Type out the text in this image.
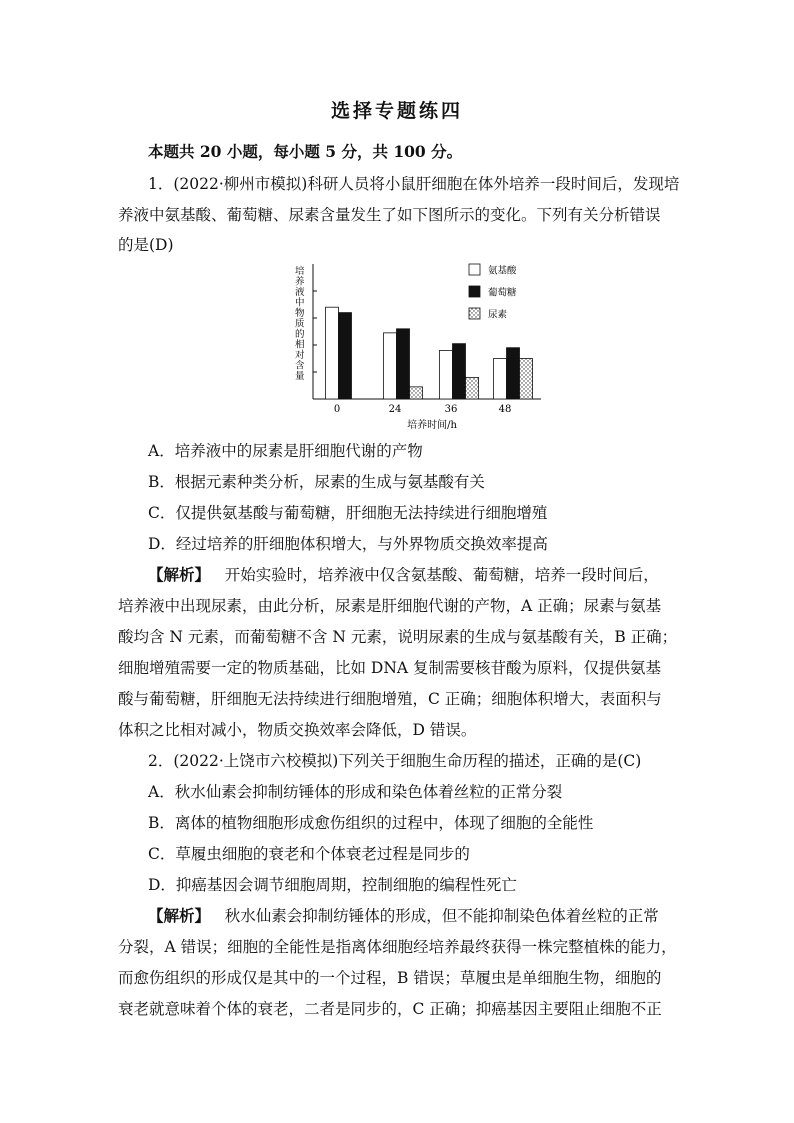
选择专题练四
本题共 20 小题，每小题 5 分，共 100 分。
1．(2022·柳州市模拟)科研人员将小鼠肝细胞在体外培养一段时间后，发现培
养液中氨基酸、葡萄糖、尿素含量发生了如下图所示的变化。下列有关分析错误
的是(D)
培养液中物质的相对含量
0	24	36	48
氨基酸
葡萄糖
尿素
培养时间/h
A．培养液中的尿素是肝细胞代谢的产物
B．根据元素种类分析，尿素的生成与氨基酸有关
C．仅提供氨基酸与葡萄糖，肝细胞无法持续进行细胞增殖
D．经过培养的肝细胞体积增大，与外界物质交换效率提高
【解析】 开始实验时，培养液中仅含氨基酸、葡萄糖，培养一段时间后，
培养液中出现尿素，由此分析，尿素是肝细胞代谢的产物，A 正确；尿素与氨基
酸均含 N 元素，而葡萄糖不含 N 元素，说明尿素的生成与氨基酸有关，B 正确；
细胞增殖需要一定的物质基础，比如 DNA 复制需要核苷酸为原料，仅提供氨基
酸与葡萄糖，肝细胞无法持续进行细胞增殖，C 正确；细胞体积增大，表面积与
体积之比相对减小，物质交换效率会降低，D 错误。
2．(2022·上饶市六校模拟)下列关于细胞生命历程的描述，正确的是(C)
A．秋水仙素会抑制纺锤体的形成和染色体着丝粒的正常分裂
B．离体的植物细胞形成愈伤组织的过程中，体现了细胞的全能性
C．草履虫细胞的衰老和个体衰老过程是同步的
D．抑癌基因会调节细胞周期，控制细胞的编程性死亡
【解析】 秋水仙素会抑制纺锤体的形成，但不能抑制染色体着丝粒的正常
分裂，A 错误；细胞的全能性是指离体细胞经培养最终获得一株完整植株的能力，
而愈伤组织的形成仅是其中的一个过程，B 错误；草履虫是单细胞生物，细胞的
衰老就意味着个体的衰老，二者是同步的，C 正确；抑癌基因主要阻止细胞不正
